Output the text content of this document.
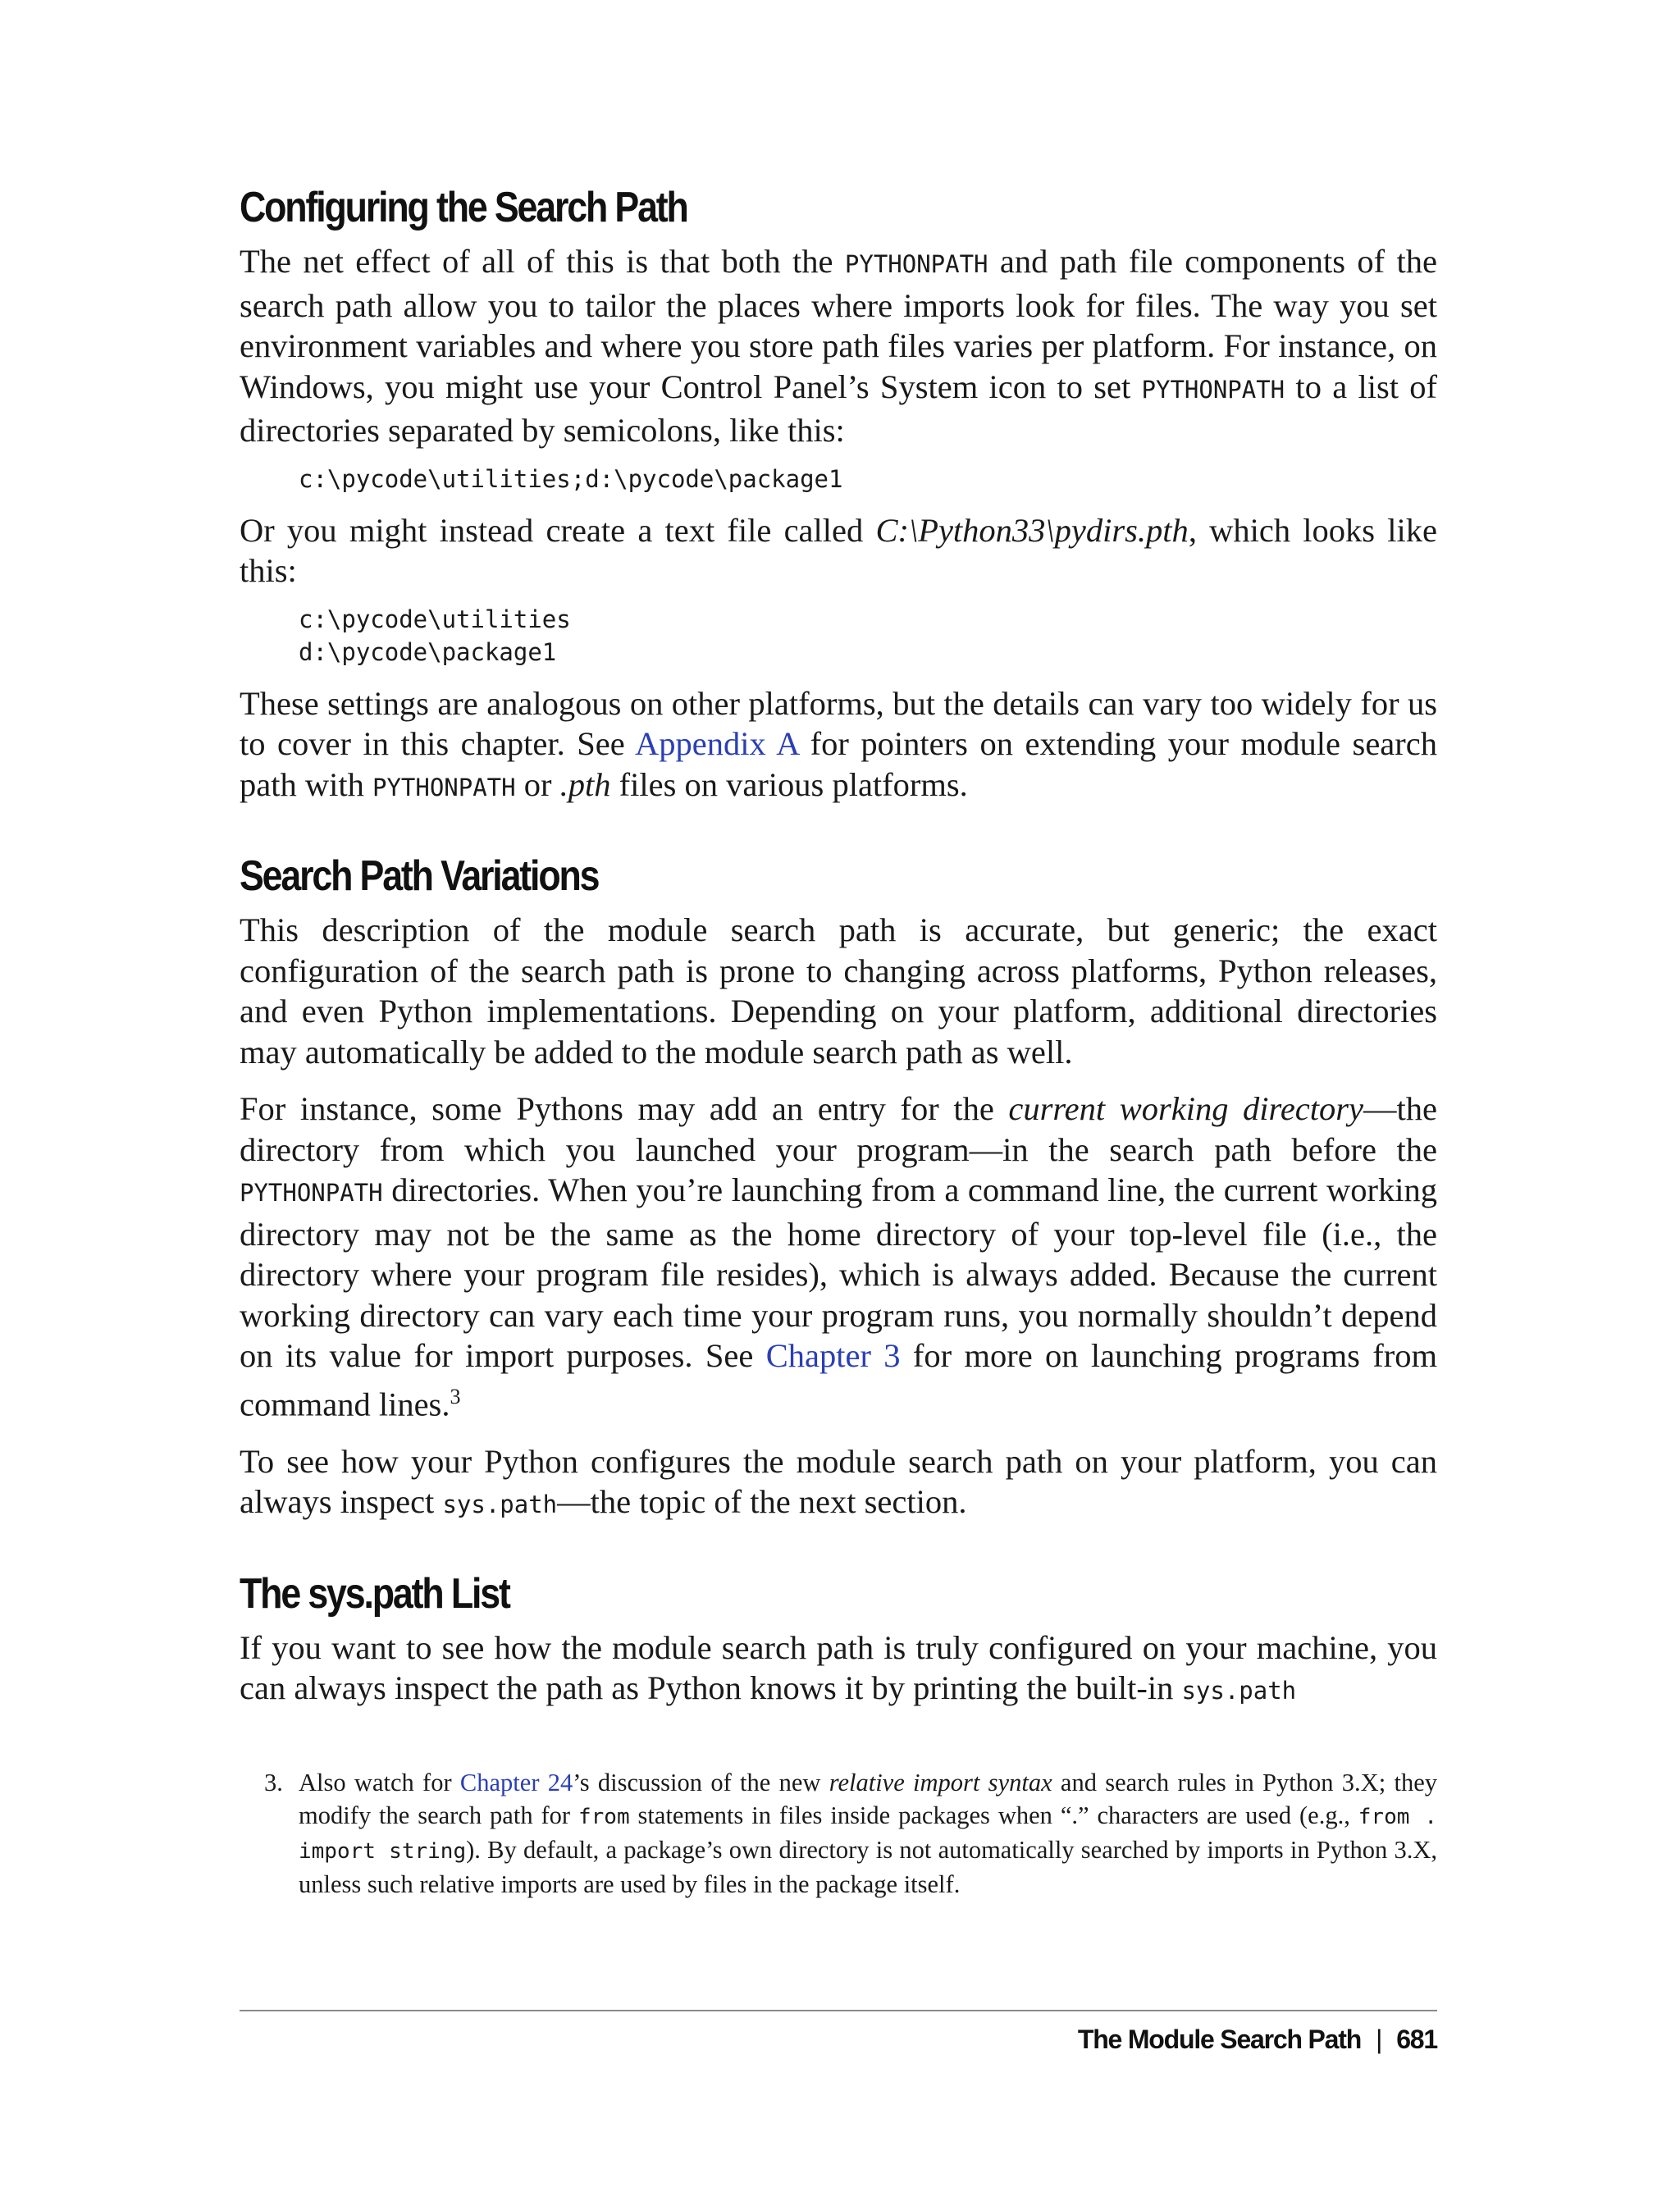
Configuring the Search Path

The net effect of all of this is that both the PYTHONPATH and path file components of the search path allow you to tailor the places where imports look for files. The way you set environment variables and where you store path files varies per platform. For instance, on Windows, you might use your Control Panel’s System icon to set PYTHONPATH to a list of directories separated by semicolons, like this:

c:\pycode\utilities;d:\pycode\package1

Or you might instead create a text file called C:\Python33\pydirs.pth, which looks like this:

c:\pycode\utilities
d:\pycode\package1

These settings are analogous on other platforms, but the details can vary too widely for us to cover in this chapter. See Appendix A for pointers on extending your module search path with PYTHONPATH or .pth files on various platforms.

Search Path Variations

This description of the module search path is accurate, but generic; the exact configuration of the search path is prone to changing across platforms, Python releases, and even Python implementations. Depending on your platform, additional directories may automatically be added to the module search path as well.

For instance, some Pythons may add an entry for the current working directory—the directory from which you launched your program—in the search path before the PYTHONPATH directories. When you’re launching from a command line, the current working directory may not be the same as the home directory of your top-level file (i.e., the directory where your program file resides), which is always added. Because the current working directory can vary each time your program runs, you normally shouldn’t depend on its value for import purposes. See Chapter 3 for more on launching programs from command lines.$^3$

To see how your Python configures the module search path on your platform, you can always inspect sys.path—the topic of the next section.

The sys.path List

If you want to see how the module search path is truly configured on your machine, you can always inspect the path as Python knows it by printing the built-in sys.path

3. Also watch for Chapter 24’s discussion of the new relative import syntax and search rules in Python 3.X; they modify the search path for from statements in files inside packages when “.” characters are used (e.g., from . import string). By default, a package’s own directory is not automatically searched by imports in Python 3.X, unless such relative imports are used by files in the package itself.
The Module Search Path | 681
